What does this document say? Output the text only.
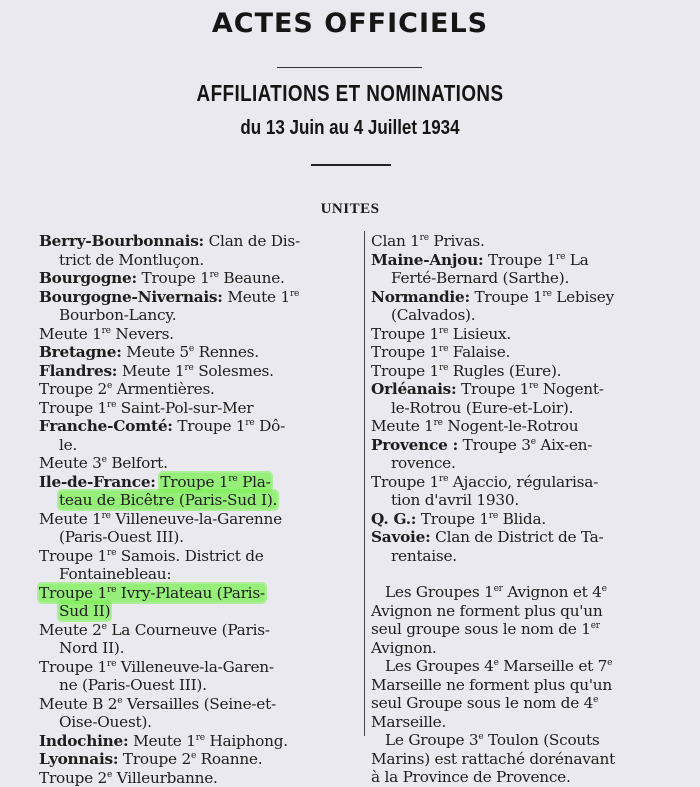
ACTES OFFICIELS
AFFILIATIONS ET NOMINATIONS
du 13 Juin au 4 Juillet 1934
UNITES
Berry-Bourbonnais: Clan de Dis-
trict de Montluçon.
Bourgogne: Troupe 1re Beaune.
Bourgogne-Nivernais: Meute 1re
Bourbon-Lancy.
Meute 1re Nevers.
Bretagne: Meute 5e Rennes.
Flandres: Meute 1re Solesmes.
Troupe 2e Armentières.
Troupe 1re Saint-Pol-sur-Mer
Franche-Comté: Troupe 1re Dô-
le.
Meute 3e Belfort.
Ile-de-France: Troupe 1re Pla-
teau de Bicêtre (Paris-Sud I).
Meute 1re Villeneuve-la-Garenne
(Paris-Ouest III).
Troupe 1re Samois. District de
Fontainebleau:
Troupe 1re Ivry-Plateau (Paris-
Sud II)
Meute 2e La Courneuve (Paris-
Nord II).
Troupe 1re Villeneuve-la-Garen-
ne (Paris-Ouest III).
Meute B 2e Versailles (Seine-et-
Oise-Ouest).
Indochine: Meute 1re Haiphong.
Lyonnais: Troupe 2e Roanne.
Troupe 2e Villeurbanne.
Clan 1re Privas.
Maine-Anjou: Troupe 1re La
Ferté-Bernard (Sarthe).
Normandie: Troupe 1re Lebisey
(Calvados).
Troupe 1re Lisieux.
Troupe 1re Falaise.
Troupe 1re Rugles (Eure).
Orléanais: Troupe 1re Nogent-
le-Rotrou (Eure-et-Loir).
Meute 1re Nogent-le-Rotrou
Provence : Troupe 3e Aix-en-
rovence.
Troupe 1re Ajaccio, régularisa-
tion d'avril 1930.
Q. G.: Troupe 1re Blida.
Savoie: Clan de District de Ta-
rentaise.
Les Groupes 1er Avignon et 4e
Avignon ne forment plus qu'un
seul groupe sous le nom de 1er
Avignon.
Les Groupes 4e Marseille et 7e
Marseille ne forment plus qu'un
seul Groupe sous le nom de 4e
Marseille.
Le Groupe 3e Toulon (Scouts
Marins) est rattaché dorénavant
à la Province de Provence.
